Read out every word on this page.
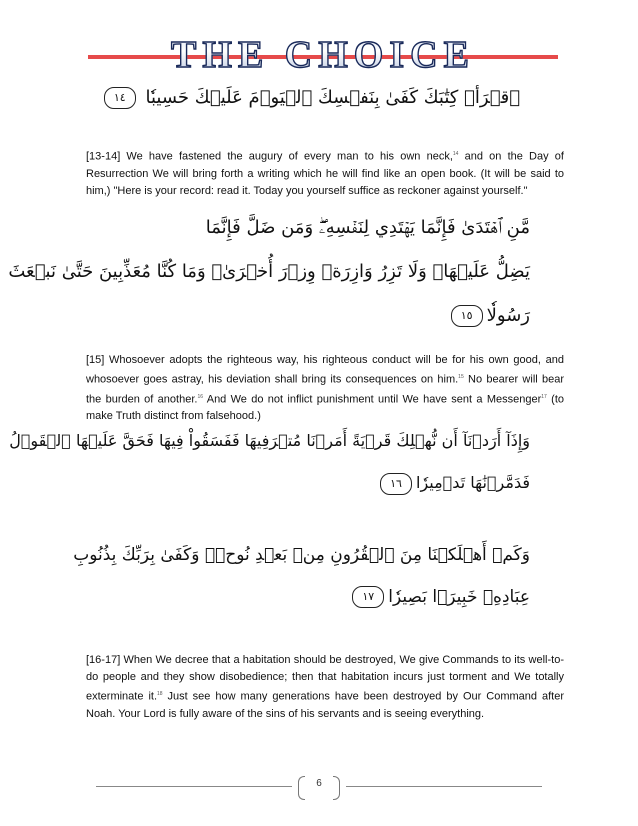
THE CHOICE
ٱقۡرَأۡ كِتَٰبَكَ كَفَىٰ بِنَفۡسِكَ ٱلۡيَوۡمَ عَلَيۡكَ حَسِيبٗا ١٤
[13-14] We have fastened the augury of every man to his own neck,$^{14}$ and on the Day of Resurrection We will bring forth a writing which he will find like an open book. (It will be said to him,) "Here is your record: read it. Today you yourself suffice as reckoner against yourself."
مَّنِ ٱهۡتَدَىٰ فَإِنَّمَا يَهۡتَدِي لِنَفۡسِهِۦۖ وَمَن ضَلَّ فَإِنَّمَا
يَضِلُّ عَلَيۡهَاۚ وَلَا تَزِرُ وَازِرَةٞ وِزۡرَ أُخۡرَىٰۗ وَمَا كُنَّا مُعَذِّبِينَ حَتَّىٰ نَبۡعَثَ
رَسُولٗا١٥
[15] Whosoever adopts the righteous way, his righteous conduct will be for his own good, and whosoever goes astray, his deviation shall bring its consequences on him.$^{15}$ No bearer will bear the burden of another.$^{16}$ And We do not inflict punishment until We have sent a Messenger$^{17}$ (to make Truth distinct from falsehood.)
وَإِذَآ أَرَدۡنَآ أَن نُّهۡلِكَ قَرۡيَةً أَمَرۡنَا مُتۡرَفِيهَا فَفَسَقُواْ فِيهَا فَحَقَّ عَلَيۡهَا ٱلۡقَوۡلُ
فَدَمَّرۡنَٰهَا تَدۡمِيرٗا١٦
وَكَمۡ أَهۡلَكۡنَا مِنَ ٱلۡقُرُونِ مِنۢ بَعۡدِ نُوحٖۗ وَكَفَىٰ بِرَبِّكَ بِذُنُوبِ
عِبَادِهِۦ خَبِيرَۢا بَصِيرٗا١٧
[16-17] When We decree that a habitation should be destroyed, We give Commands to its well-to-do people and they show disobedience; then that habitation incurs just torment and We totally exterminate it.$^{18}$ Just see how many generations have been destroyed by Our Command after Noah. Your Lord is fully aware of the sins of his servants and is seeing everything.
6
